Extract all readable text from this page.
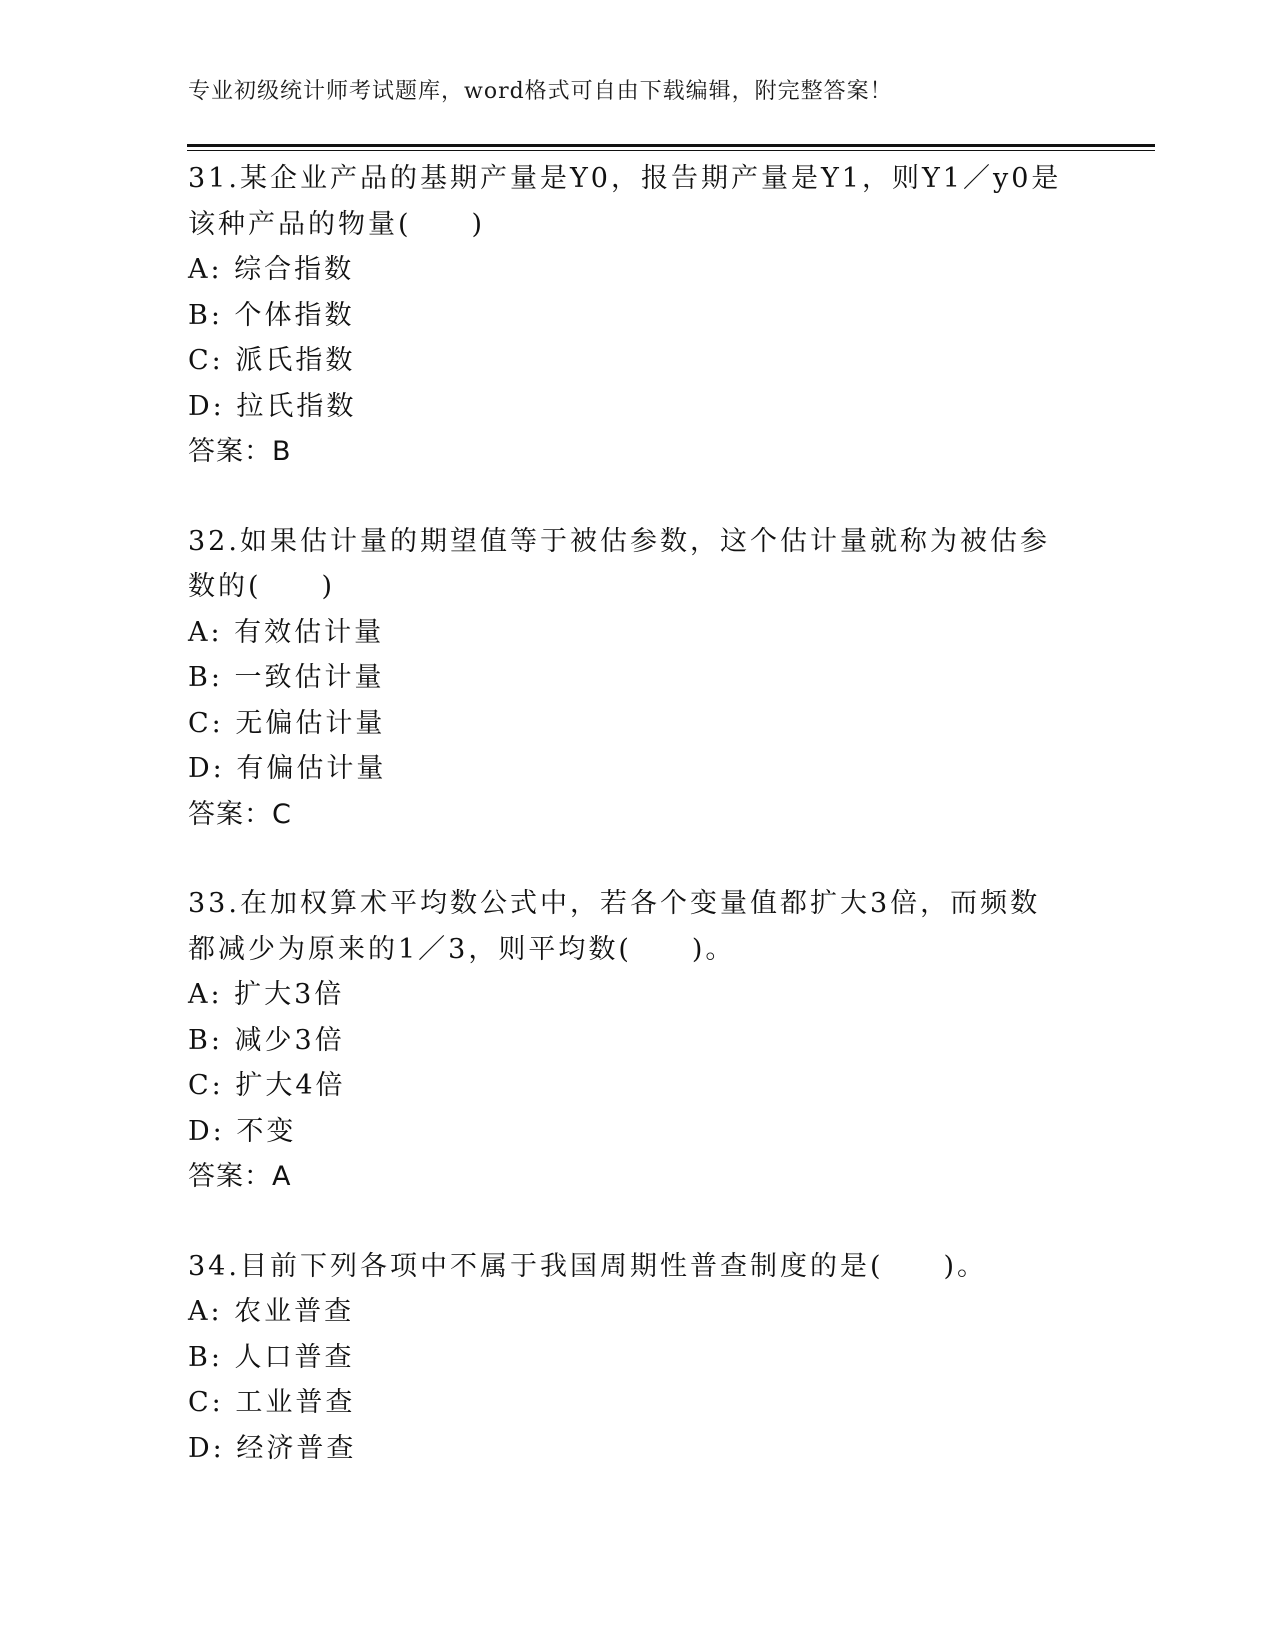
专业初级统计师考试题库，word格式可自由下载编辑，附完整答案！
31.某企业产品的基期产量是Y0，报告期产量是Y1，则Y1／y0是该种产品的物量(　　)
A: 综合指数
B: 个体指数
C: 派氏指数
D: 拉氏指数
答案：B
32.如果估计量的期望值等于被估参数，这个估计量就称为被估参数的(　　)
A: 有效估计量
B: 一致估计量
C: 无偏估计量
D: 有偏估计量
答案：C
33.在加权算术平均数公式中，若各个变量值都扩大3倍，而频数都减少为原来的1／3，则平均数(　　)。
A: 扩大3倍
B: 减少3倍
C: 扩大4倍
D: 不变
答案：A
34.目前下列各项中不属于我国周期性普查制度的是(　　)。
A: 农业普查
B: 人口普查
C: 工业普查
D: 经济普查
